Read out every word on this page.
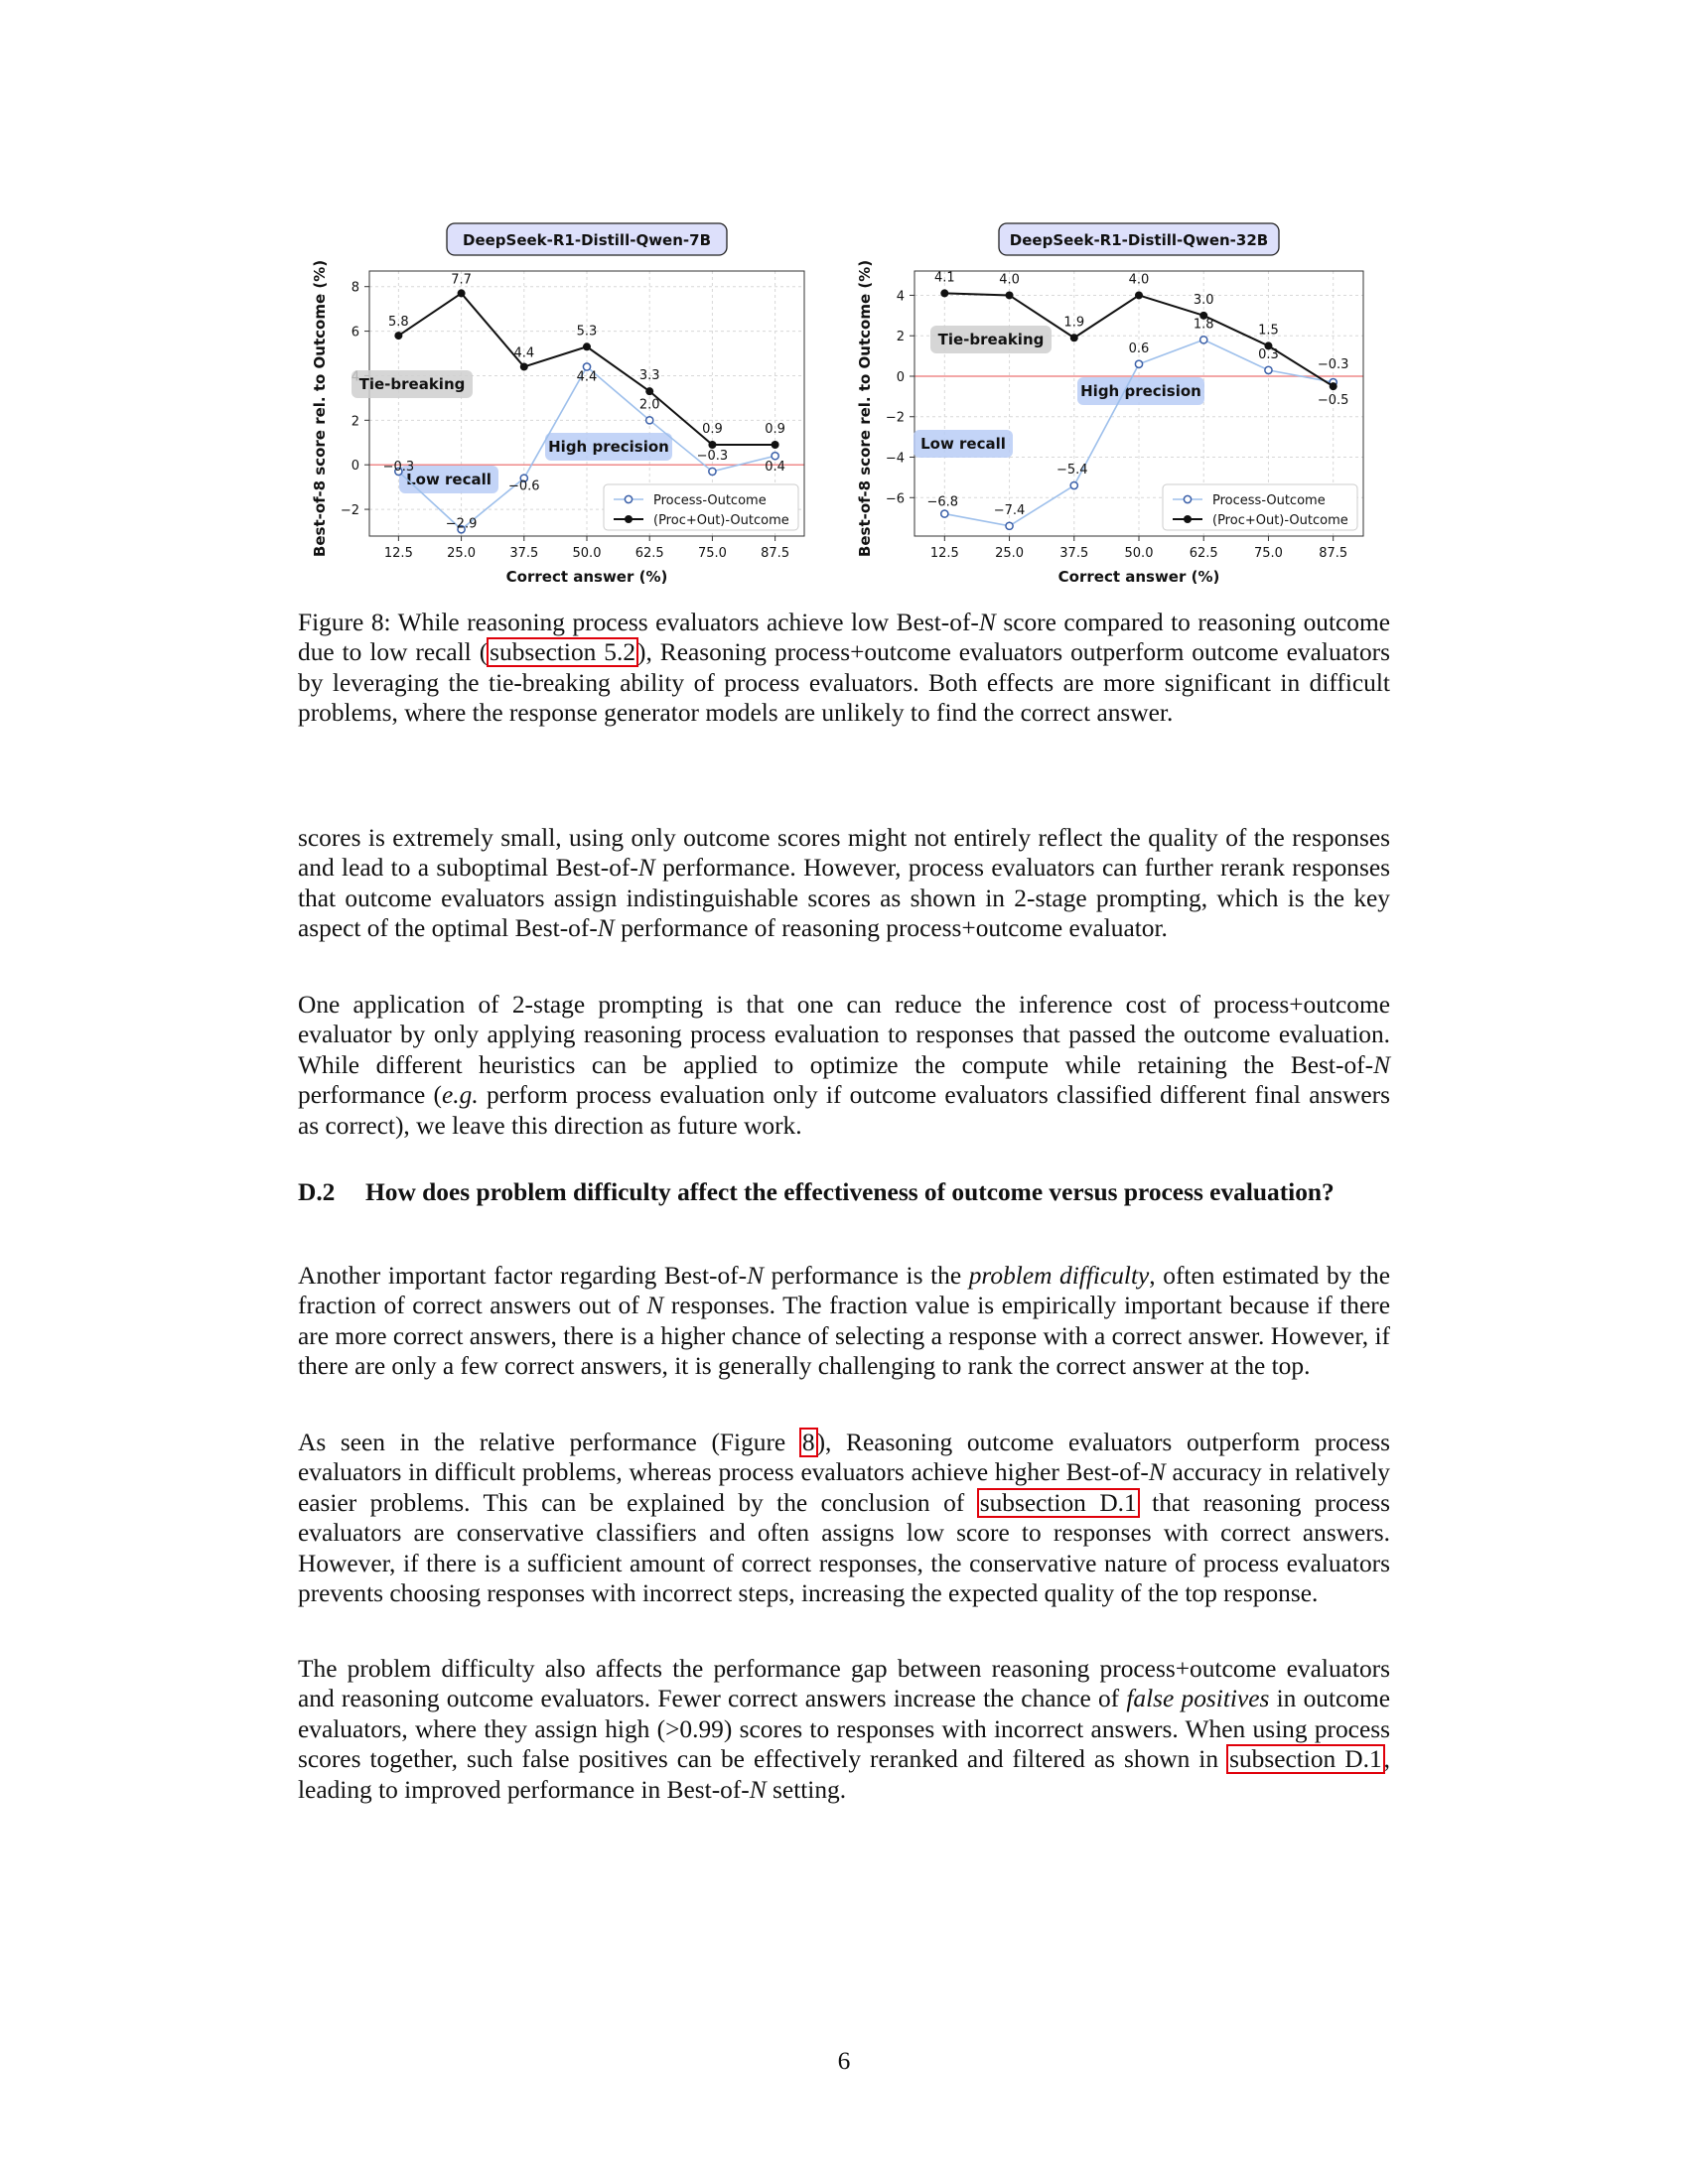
DeepSeek-R1-Distill-Qwen-7B
−2
0
2
6
8
12.5	25.0	37.5	50.0	62.5	75.0	87.5
Correct answer (%)
Best-of-8 score rel. to Outcome (%) Tie-breaking
High precision
Low recall
−0.3
−2.9
−0.6
4.4
2.0
−0.3
0.4
5.8
7.7
4.4
5.3
3.3
0.9	0.9
Process-Outcome
(Proc+Out)-Outcome
DeepSeek-R1-Distill-Qwen-32B
−6
−4
−2
0
2
4
12.5	25.0	37.5	50.0	62.5	75.0	87.5
Correct answer (%)
Best-of-8 score rel. to Outcome (%)	Tie-breaking
High precision
Low recall
−6.8
−7.4
−5.4
0.6
1.8
0.3
−0.3
4.1	4.0
1.9
4.0
3.0
1.5
−0.5
Process-Outcome
(Proc+Out)-Outcome
Figure 8: While reasoning process evaluators achieve low Best-of-N score compared to reasoning outcome due to low recall (subsection 5.2), Reasoning process+outcome evaluators outperform outcome evaluators by leveraging the tie-breaking ability of process evaluators. Both effects are more significant in difficult problems, where the response generator models are unlikely to find the correct answer.

scores is extremely small, using only outcome scores might not entirely reflect the quality of the responses and lead to a suboptimal Best-of-N performance. However, process evaluators can further rerank responses that outcome evaluators assign indistinguishable scores as shown in 2-stage prompting, which is the key aspect of the optimal Best-of-N performance of reasoning process+outcome evaluator.

One application of 2-stage prompting is that one can reduce the inference cost of process+outcome evaluator by only applying reasoning process evaluation to responses that passed the outcome evaluation. While different heuristics can be applied to optimize the compute while retaining the Best-of-N performance (e.g. perform process evaluation only if outcome evaluators classified different final answers as correct), we leave this direction as future work.

D.2 How does problem difficulty affect the effectiveness of outcome versus process evaluation?

Another important factor regarding Best-of-N performance is the problem difficulty, often estimated by the fraction of correct answers out of N responses. The fraction value is empirically important because if there are more correct answers, there is a higher chance of selecting a response with a correct answer. However, if there are only a few correct answers, it is generally challenging to rank the correct answer at the top.

As seen in the relative performance (Figure 8), Reasoning outcome evaluators outperform process evaluators in difficult problems, whereas process evaluators achieve higher Best-of-N accuracy in relatively easier problems. This can be explained by the conclusion of subsection D.1 that reasoning process evaluators are conservative classifiers and often assigns low score to responses with correct answers. However, if there is a sufficient amount of correct responses, the conservative nature of process evaluators prevents choosing responses with incorrect steps, increasing the expected quality of the top response.

The problem difficulty also affects the performance gap between reasoning process+outcome evaluators and reasoning outcome evaluators. Fewer correct answers increase the chance of false positives in outcome evaluators, where they assign high (>0.99) scores to responses with incorrect answers. When using process scores together, such false positives can be effectively reranked and filtered as shown in subsection D.1, leading to improved performance in Best-of-N setting.

6
